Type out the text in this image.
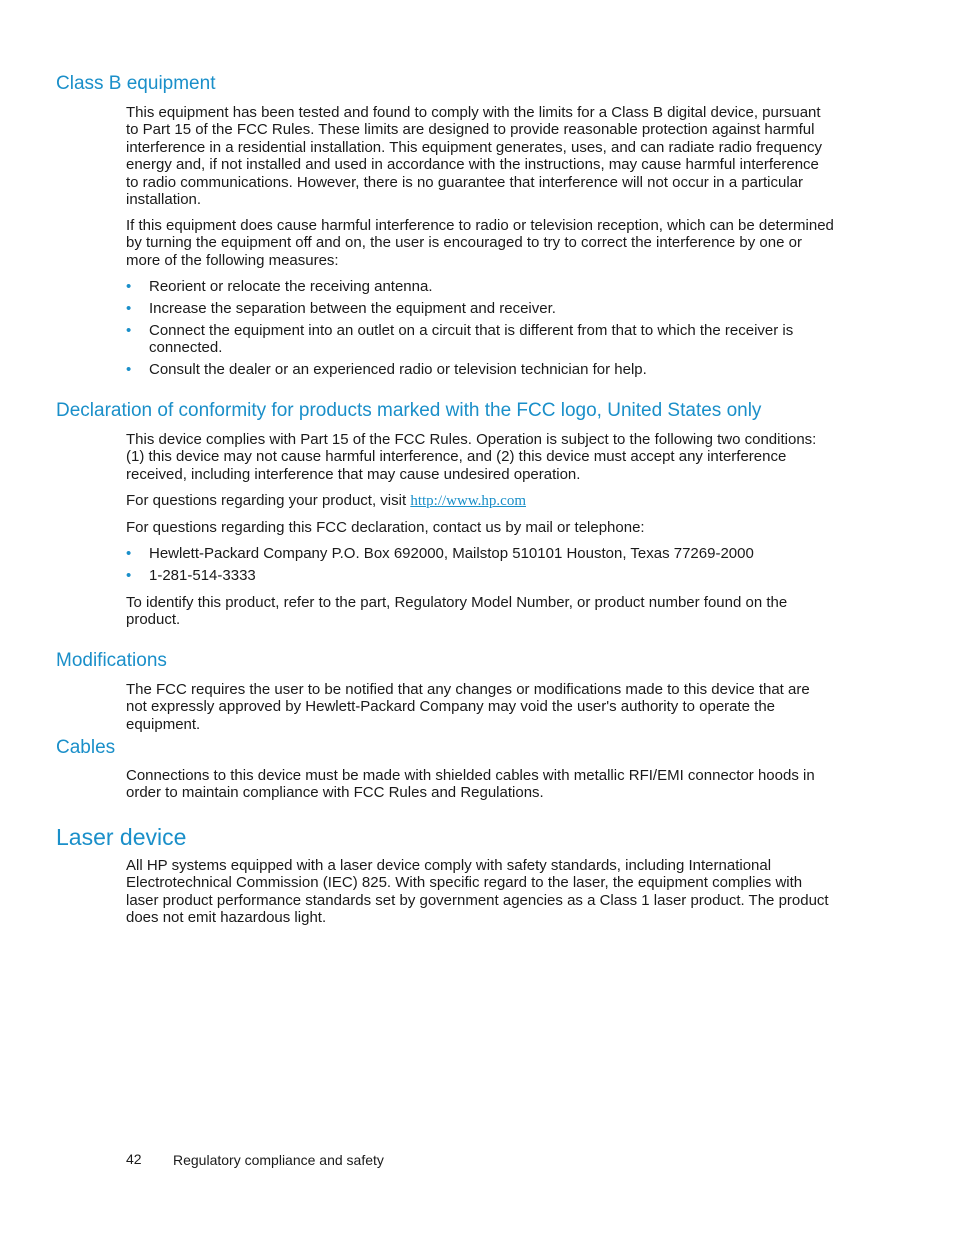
Class B equipment

This equipment has been tested and found to comply with the limits for a Class B digital device, pursuant to Part 15 of the FCC Rules. These limits are designed to provide reasonable protection against harmful interference in a residential installation. This equipment generates, uses, and can radiate radio frequency energy and, if not installed and used in accordance with the instructions, may cause harmful interference to radio communications. However, there is no guarantee that interference will not occur in a particular installation.

If this equipment does cause harmful interference to radio or television reception, which can be determined by turning the equipment off and on, the user is encouraged to try to correct the interference by one or more of the following measures:

• Reorient or relocate the receiving antenna.
• Increase the separation between the equipment and receiver.
• Connect the equipment into an outlet on a circuit that is different from that to which the receiver is connected.
• Consult the dealer or an experienced radio or television technician for help.
Declaration of conformity for products marked with the FCC logo, United States only

This device complies with Part 15 of the FCC Rules. Operation is subject to the following two conditions: (1) this device may not cause harmful interference, and (2) this device must accept any interference received, including interference that may cause undesired operation.

For questions regarding your product, visit http://www.hp.com

For questions regarding this FCC declaration, contact us by mail or telephone:

• Hewlett-Packard Company P.O. Box 692000, Mailstop 510101 Houston, Texas 77269-2000
• 1-281-514-3333

To identify this product, refer to the part, Regulatory Model Number, or product number found on the product.

Modifications

The FCC requires the user to be notified that any changes or modifications made to this device that are not expressly approved by Hewlett-Packard Company may void the user's authority to operate the equipment.

Cables

Connections to this device must be made with shielded cables with metallic RFI/EMI connector hoods in order to maintain compliance with FCC Rules and Regulations.

Laser device

All HP systems equipped with a laser device comply with safety standards, including International Electrotechnical Commission (IEC) 825. With specific regard to the laser, the equipment complies with laser product performance standards set by government agencies as a Class 1 laser product. The product does not emit hazardous light.

42 Regulatory compliance and safety
